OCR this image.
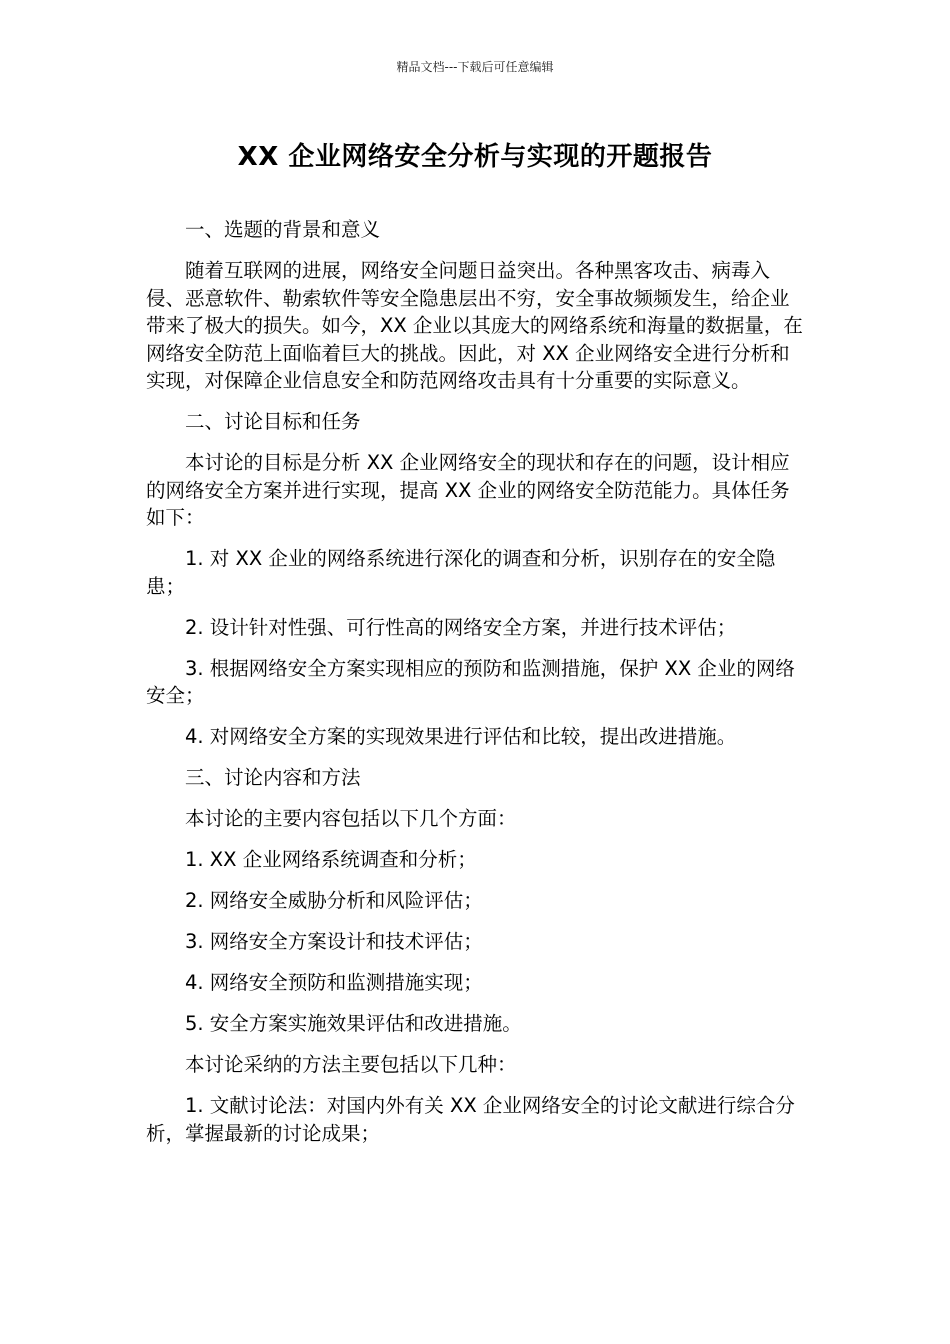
精品文档---下载后可任意编辑
XX 企业网络安全分析与实现的开题报告

一、选题的背景和意义

随着互联网的进展，网络安全问题日益突出。各种黑客攻击、病毒入侵、恶意软件、勒索软件等安全隐患层出不穷，安全事故频频发生，给企业带来了极大的损失。如今，XX 企业以其庞大的网络系统和海量的数据量，在网络安全防范上面临着巨大的挑战。因此，对 XX 企业网络安全进行分析和实现，对保障企业信息安全和防范网络攻击具有十分重要的实际意义。

二、讨论目标和任务

本讨论的目标是分析 XX 企业网络安全的现状和存在的问题，设计相应的网络安全方案并进行实现，提高 XX 企业的网络安全防范能力。具体任务如下：

1. 对 XX 企业的网络系统进行深化的调查和分析，识别存在的安全隐患；

2. 设计针对性强、可行性高的网络安全方案，并进行技术评估；

3. 根据网络安全方案实现相应的预防和监测措施，保护 XX 企业的网络安全；

4. 对网络安全方案的实现效果进行评估和比较，提出改进措施。

三、讨论内容和方法

本讨论的主要内容包括以下几个方面：

1. XX 企业网络系统调查和分析；

2. 网络安全威胁分析和风险评估；

3. 网络安全方案设计和技术评估；

4. 网络安全预防和监测措施实现；

5. 安全方案实施效果评估和改进措施。

本讨论采纳的方法主要包括以下几种：

1. 文献讨论法：对国内外有关 XX 企业网络安全的讨论文献进行综合分析，掌握最新的讨论成果；
